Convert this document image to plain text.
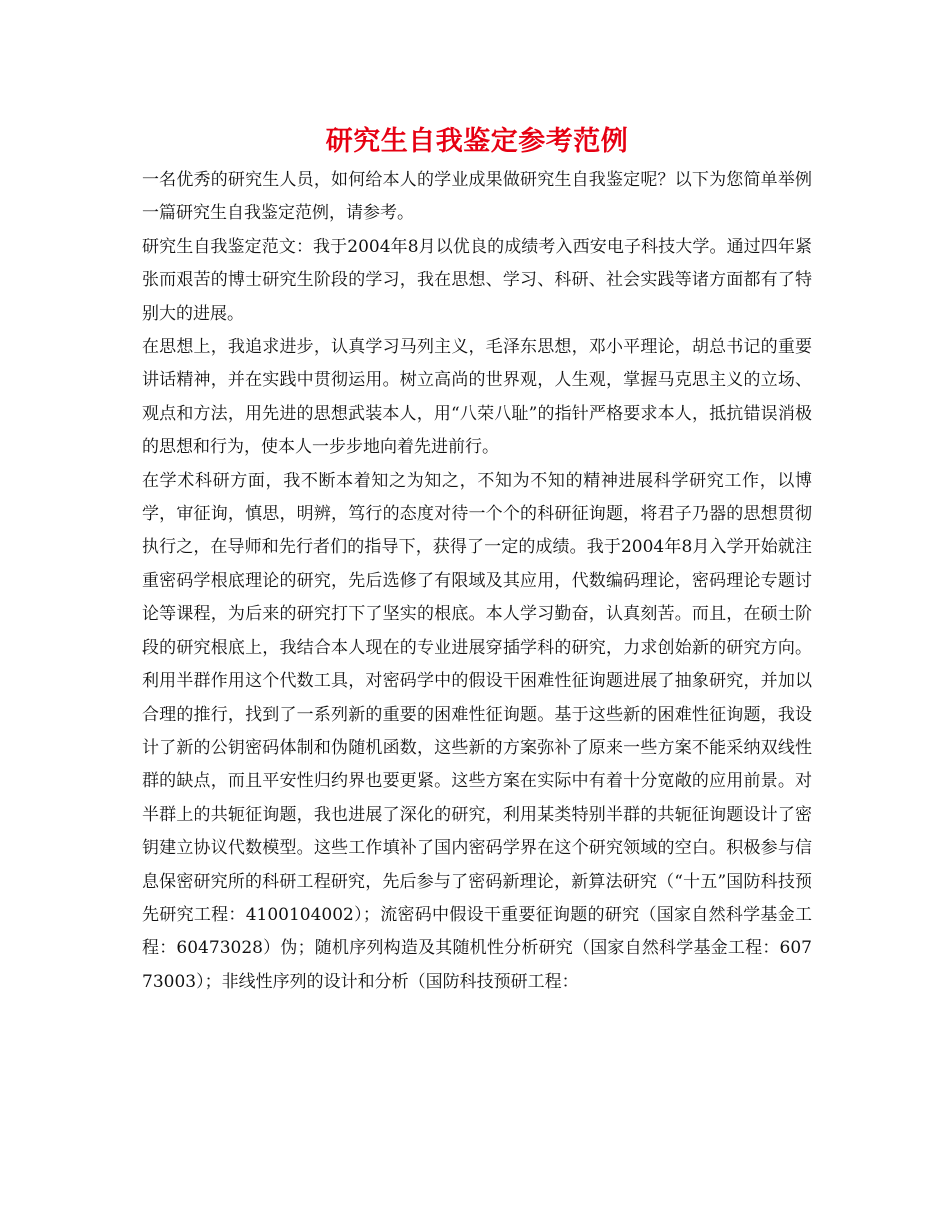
研究生自我鉴定参考范例

一名优秀的研究生人员，如何给本人的学业成果做研究生自我鉴定呢？以下为您简单举例一篇研究生自我鉴定范例，请参考。

研究生自我鉴定范文：我于2004年8月以优良的成绩考入西安电子科技大学。通过四年紧张而艰苦的博士研究生阶段的学习，我在思想、学习、科研、社会实践等诸方面都有了特别大的进展。

在思想上，我追求进步，认真学习马列主义，毛泽东思想，邓小平理论，胡总书记的重要讲话精神，并在实践中贯彻运用。树立高尚的世界观，人生观，掌握马克思主义的立场、观点和方法，用先进的思想武装本人，用“八荣八耻”的指针严格要求本人，抵抗错误消极的思想和行为，使本人一步步地向着先进前行。

在学术科研方面，我不断本着知之为知之，不知为不知的精神进展科学研究工作，以博学，审征询，慎思，明辨，笃行的态度对待一个个的科研征询题，将君子乃器的思想贯彻执行之，在导师和先行者们的指导下，获得了一定的成绩。我于2004年8月入学开始就注重密码学根底理论的研究，先后选修了有限域及其应用，代数编码理论，密码理论专题讨论等课程，为后来的研究打下了坚实的根底。本人学习勤奋，认真刻苦。而且，在硕士阶段的研究根底上，我结合本人现在的专业进展穿插学科的研究，力求创始新的研究方向。利用半群作用这个代数工具，对密码学中的假设干困难性征询题进展了抽象研究，并加以合理的推行，找到了一系列新的重要的困难性征询题。基于这些新的困难性征询题，我设计了新的公钥密码体制和伪随机函数，这些新的方案弥补了原来一些方案不能采纳双线性群的缺点，而且平安性归约界也要更紧。这些方案在实际中有着十分宽敞的应用前景。对半群上的共轭征询题，我也进展了深化的研究，利用某类特别半群的共轭征询题设计了密钥建立协议代数模型。这些工作填补了国内密码学界在这个研究领域的空白。积极参与信息保密研究所的科研工程研究，先后参与了密码新理论，新算法研究（“十五”国防科技预先研究工程：4100104002）；流密码中假设干重要征询题的研究（国家自然科学基金工程：60473028）伪；随机序列构造及其随机性分析研究（国家自然科学基金工程：60773003）；非线性序列的设计和分析（国防科技预研工程：
